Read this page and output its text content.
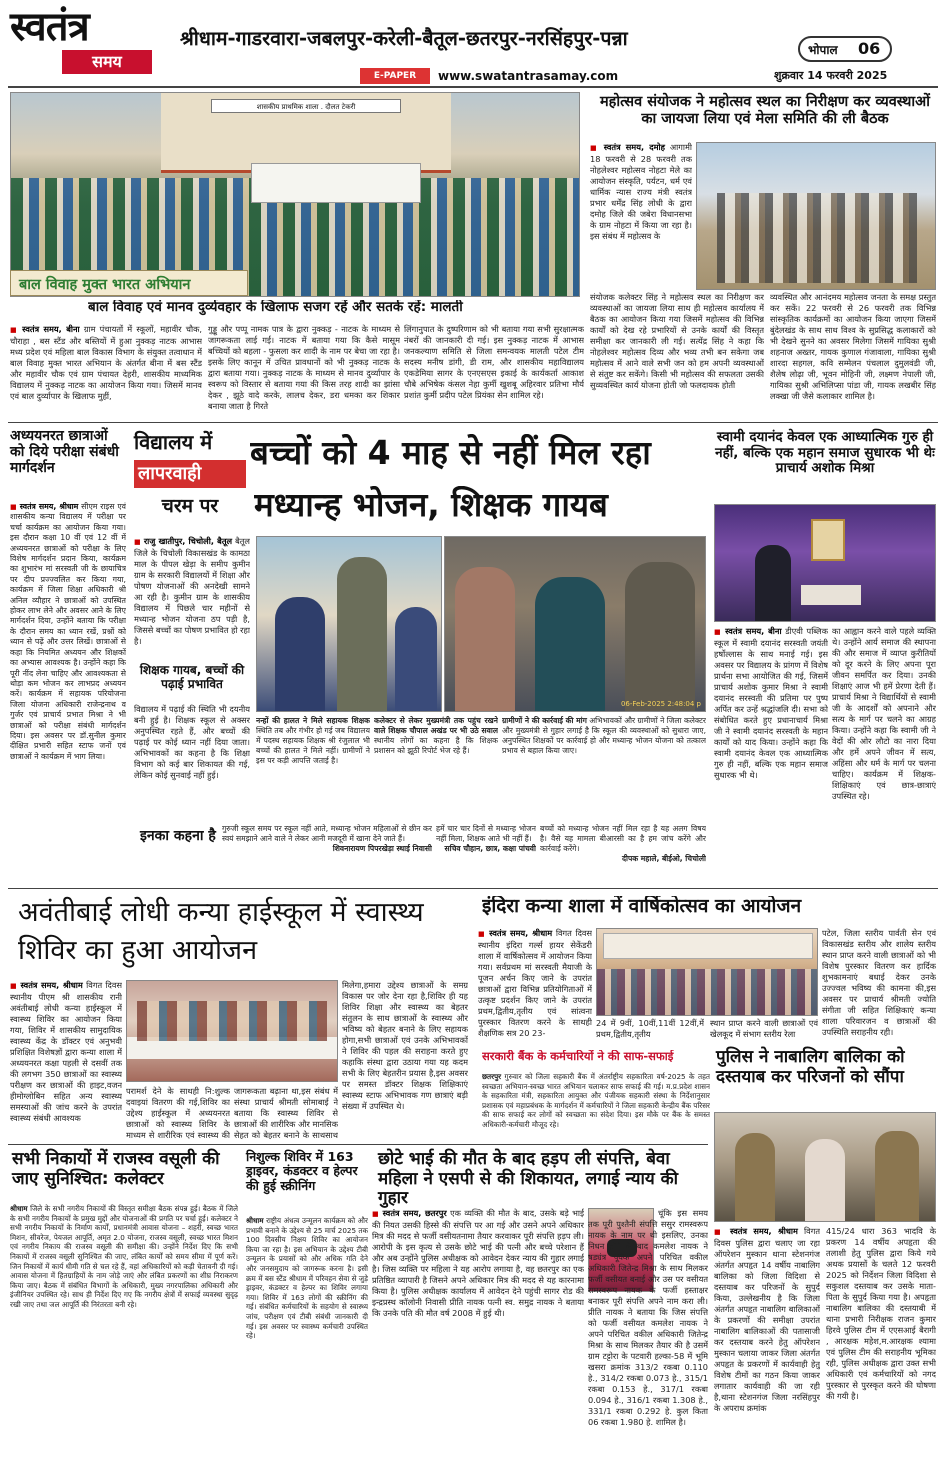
स्वतंत्र
समय
श्रीधाम-गाडरवारा-जबलपुर-करेली-बैतूल-छतरपुर-नरसिंहपुर-पन्ना	भोपाल 06
E-PAPER	www.swatantrasamay.com	शुक्रवार 14 फरवरी 2025
शासकीय प्राथमिक शाला . दौलत टेकरी
बाल विवाह मुक्त भारत अभियान
बाल विवाह एवं मानव दुर्व्यवहार के खिलाफ सजग रहें और सतर्क रहें: मालती
■ स्वतंत्र समय, बीना ग्राम पंचायतों में स्कूलों, महावीर चौक, चौराहा , बस स्टैंड और बस्तियों में हुआ नुक्कड़ नाटक आभास मध्य प्रदेश एवं महिला बाल विकास विभाग के संयुक्त तत्वाधान में बाल विवाह मुक्त भारत अभियान के अंतर्गत बीना में बस स्टैंड और महावीर चौक एवं ग्राम पंचायत देहरी, शासकीय माध्यमिक विद्यालय में नुक्कड़ नाटक का आयोजन किया गया। जिसमें मानव एवं बाल दुर्व्यापार के खिलाफ मुहीं,
गुड्डू और पप्पू नामक पात्र के द्वारा नुक्कड़ - नाटक के माध्यम से जागरूकता लाई गई। नाटक में बताया गया कि कैसे मासूम बच्चियों को बहला - फुसला कर शादी के नाम पर बेचा जा रहा है। इसके लिए कानून में उचित प्रावधानों को भी नुक्कड़ नाटक के द्वारा बताया गया। नुक्कड़ नाटक के माध्यम से मानव दुर्व्यापार के स्वरूप को विस्तार से बताया गया की किस तरह शादी का झांसा देकर , झूठे वादे करके, लालच देकर, डरा धमका कर शिकार बनाया जाता है गिरते
लिंगानुपात के दुष्परिणाम को भी बताया गया सभी सुरक्षात्मक नंबरों की जानकारी दी गई। इस नुक्कड़ नाटक में आभास जनकल्याण समिति से जिला समन्वयक मालती पटेल टीम सदस्य मनीष डांगी, डी राम, और शासकीय महाविद्यालय एकडेमिया सागर के एनएसएस इकाई के कार्यकर्ता आकाश चौबे अभिषेक कंसल नेहा कुर्मी खुशबू अहिरवार प्रतिभा मौर्य प्रशांत कुर्मी प्रदीप पटेल प्रियंका सेन शामिल रहे।
महोत्सव संयोजक ने महोत्सव स्थल का निरीक्षण कर व्यवस्थाओं का जायजा लिया एवं मेला समिति की ली बैठक
■ स्वतंत्र समय, दमोह आगामी 18 फरवरी से 28 फरवरी तक नोहलेश्वर महोत्सव नोहटा मेले का आयोजन संस्कृति, पर्यटन, धर्म एवं धार्मिक न्यास राज्य मंत्री स्वतंत्र प्रभार धर्मेंद्र सिंह लोधी के द्वारा दमोह जिले की जबेरा विधानसभा के ग्राम नोहटा में किया जा रहा है। इस संबंध में महोत्सव के
संयोजक कलेक्टर सिंह ने महोत्सव स्थल का निरीक्षण कर व्यवस्थाओं का जायजा लिया साथ ही महोत्सव कार्यालय में बैठक का आयोजन किया गया जिसमें महोत्सव की विभिन्न कार्यों को देख रहे प्रभारियों से उनके कार्यों की विस्तृत समीक्षा कर जानकारी ली गई। सत्येंद्र सिंह ने कहा कि नोहलेश्वर महोत्सव दिव्य और भव्य तभी बन सकेगा जब महोत्सव में आने वाले सभी जन को हम अपनी व्यवस्थाओं से संतुष्ट कर सकेंगे। किसी भी महोत्सव की सफलता उसकी सुव्यवस्थित कार्य योजना होती जो फलदायक होती
व्यवस्थित और आनंदमय महोत्सव जनता के समक्ष प्रस्तुत कर सकें। 22 फरवरी से 26 फरवरी तक विभिन्न सांस्कृतिक कार्यक्रमों का आयोजन किया जाएगा जिसमें बुंदेलखंड के साथ साथ विश्व के सुप्रसिद्ध कलाकारों को भी देखने सुनने का अवसर मिलेगा जिसमें गायिका सुश्री शहनाज अख्तर, गायक कुणाल गंजावाला, गायिका सुश्री शारदा सहगल, कवि सम्मेलन पंचलाल दुमुलवंडी जी, शैलेष लोढ़ा जी, भूवन मोहिनी जी, लक्ष्मण नेपाली जी, गायिका सुश्री अभिलिप्सा पांडा जी, गायक लखबीर सिंह लक्खा जी जैसे कलाकार शामिल है।
अध्ययनरत छात्राओं को दिये परीक्षा संबंधी मार्गदर्शन
■ स्वतंत्र समय, श्रीधाम सीएम राइस एवं शासकीय कन्या विद्यालय में परीक्षा पर चर्चा कार्यक्रम का आयोजन किया गया। इस दौरान कक्षा 10 वीं एवं 12 वीं में अध्ययनरत छात्राओं को परीक्षा के लिए विशेष मार्गदर्शन प्रदान किया, कार्यक्रम का शुभारंभ मां सरस्वती जी के छायाचित्र पर दीप प्रज्ज्वलित कर किया गया, कार्यक्रम में जिला शिक्षा अधिकारी श्री अनिल व्यौहार ने छात्राओं को उपस्थित होकर लाभ लेने और अवसर आने के लिए मार्गदर्शन दिया, उन्होंने बताया कि परीक्षा के दौरान समय का ध्यान रखें, प्रश्नों को ध्यान से पढ़ें और उत्तर लिखें। छात्राओं से कहा कि नियमित अध्ययन और शिक्षकों का अभ्यास आवश्यक है। उन्होंने कहा कि पूरी नींद लेना चाहिए और आवश्यकता से थोड़ा कम भोजन कर लाभप्रद अध्ययन करें। कार्यक्रम में सहायक परियोजना जिला योजना अधिकारी राजेन्द्रनाथ व गुर्जर एवं प्राचार्य प्रभात मिश्रा ने भी छात्राओं को परीक्षा संबंधी मार्गदर्शन दिया। इस अवसर पर डॉ.सुनील कुमार दीक्षित प्रभारी सहित स्टाफ जनों एवं छात्राओं ने कार्यक्रम में भाग लिया।
विद्यालय में
लापरवाही
चरम पर
बच्चों को 4 माह से नहीं मिल रहा
मध्यान्ह भोजन, शिक्षक गायब
■ राजु खातीपुर, चिचोली, बैतूल बैतूल जिले के चिचोली विकासखंड के कामठा माल के पीपल खेड़ा के समीप कुमीन ग्राम के सरकारी विद्यालयों में शिक्षा और पोषण योजनाओं की अनदेखी सामने आ रही है। कुमीन ग्राम के शासकीय विद्यालय में पिछले चार महीनों से मध्यान्ह भोजन योजना ठप पड़ी है, जिससे बच्चों का पोषण प्रभावित हो रहा है।
शिक्षक गायब, बच्चों की पढ़ाई प्रभावित
06-Feb-2025 2:48:04 p
विद्यालय में पढ़ाई की स्थिति भी दयनीय बनी हुई है। शिक्षक स्कूल से अक्सर अनुपस्थित रहते हैं, और बच्चों की पढ़ाई पर कोई ध्यान नहीं दिया जाता। अभिभावकों का कहना है कि शिक्षा विभाग को कई बार शिकायत की गई, लेकिन कोई सुनवाई नहीं हुई।
नन्हों की हालत ने मिले सहायक शिक्षक स्थिति तब और गंभीर हो गई जब विद्यालय में पदस्थ सहायक शिक्षक श्री रंजुलाल भी बच्चों की हालत ने मिले नहीं। ग्रामीणों ने इस पर कड़ी आपत्ति जताई है।
कलेक्टर से लेकर मुख्यमंत्री तक पहुंच रखने वाले शिक्षक चौपाल अखंड पर भी उठे सवाल स्थानीय लोगों का कहना है कि शिक्षक प्रशासन को झूठी रिपोर्ट भेज रहे हैं।
ग्रामीणों ने की कार्रवाई की मांग अभिभावकों और ग्रामीणों ने जिला कलेक्टर और मुख्यमंत्री से गुहार लगाई है कि स्कूल की व्यवस्थाओं को सुधारा जाए, अनुपस्थित शिक्षकों पर कार्रवाई हो और मध्यान्ह भोजन योजना को तत्काल प्रभाव से बहाल किया जाए।
इनका कहना है गुरुजी स्कूल समय पर स्कूल नहीं आते, मध्यान्ह भोजन महिलाओं से छीन कर स्वयं समझाने आने वाले ने लेकर आनी मजदूरी में खाना देने जाते हैं।
शिवनारायण पिपरखेड़ा स्थाई निवासी
हमें चार चार दिनों से मध्यान्ह भोजन नहीं मिला, शिक्षक आते भी नहीं हैं।
सचिव चौहान, छात्र, कक्षा पांचवी
बच्चों को मध्यान्ह भोजन नहीं मिल रहा है यह अलग विषय है। वैसे यह मामला बीआरसी का है हम जांच करेंगे और कार्रवाई करेंगे।
दीपक महाले, बीईओ, चिचोली
स्वामी दयानंद केवल एक आध्यात्मिक गुरु ही नहीं, बल्कि एक महान समाज सुधारक भी थेः प्राचार्य अशोक मिश्रा
■ स्वतंत्र समय, बीना डीएवी पब्लिक स्कूल में स्वामी दयानंद सरस्वती जयंती हर्षोल्लास के साथ मनाई गई। इस अवसर पर विद्यालय के प्रांगण में विशेष प्रार्थना सभा आयोजित की गई, जिसमें प्राचार्य अशोक कुमार मिश्रा ने स्वामी दयानंद सरस्वती की प्रतिमा पर पुष्प अर्पित कर उन्हें श्रद्धांजलि दी। सभा को संबोधित करते हुए प्रधानाचार्य मिश्रा जी ने स्वामी दयानंद सरस्वती के महान कार्यों को याद किया। उन्होंने कहा कि स्वामी दयानंद केवल एक आध्यात्मिक गुरु ही नहीं, बल्कि एक महान समाज सुधारक भी थे।
का आह्वान करने वाले पहले व्यक्ति थे। उन्होंने आर्य समाज की स्थापना की और समाज में व्याप्त कुरीतियों को दूर करने के लिए अपना पूरा जीवन समर्पित कर दिया। उनकी शिक्षाएं आज भी हमें प्रेरणा देती हैं। प्राचार्य मिश्रा ने विद्यार्थियों से स्वामी जी के आदर्शों को अपनाने और सत्य के मार्ग पर चलने का आग्रह किया। उन्होंने कहा कि स्वामी जी ने वेदों की ओर लौटो का नारा दिया और हमें अपने जीवन में सत्य, अहिंसा और धर्म के मार्ग पर चलना चाहिए। कार्यक्रम में शिक्षक-शिक्षिकाएं एवं छात्र-छात्राएं उपस्थित रहे।
अवंतीबाई लोधी कन्या हाईस्कूल में स्वास्थ्य शिविर का हुआ आयोजन
■ स्वतंत्र समय, श्रीधाम विगत दिवस स्थानीय पीएम श्री शासकीय रानी अवंतीबाई लोधी कन्या हाईस्कूल में स्वास्थ्य शिविर का आयोजन किया गया, शिविर में शासकीय सामुदायिक स्वास्थ्य केंद्र के डॉक्टर एवं अनुभवी प्रशिक्षित विशेषज्ञों द्वारा कन्या शाला में अध्ययनरत कक्षा पहली से दसवीं तक की लगभग 350 छात्राओं का स्वास्थ्य परीक्षण कर छात्राओं की हाइट,वजन हीमोग्लोबिन सहित अन्य स्वास्थ्य समस्याओं की जांच करने के उपरांत स्वास्थ्य संबंधी आवश्यक
परामर्श देने के साथही नि:शुल्क दवाइयां वितरण की गई,शिविर का उद्देश्य हाईस्कूल में अध्ययनरत छात्राओं को स्वास्थ्य शिविर के माध्यम से शारीरिक एवं स्वास्थ्य की
जागरूकता बढ़ाना था,इस संबंध में संस्था प्राचार्य श्रीमती सोमाबाई ने बताया कि स्वास्थ्य शिविर से छात्राओं की शारीरिक और मानसिक सेहत को बेहतर बनाने के साथसाथ
मिलेगा,हमारा उद्देश्य छात्राओं के समग्र विकास पर जोर देना रहा है,शिविर ही यह शिविर शिक्षा और स्वास्थ्य का बेहतर संतुलन के साथ छात्राओं के स्वास्थ्य और भविष्य को बेहतर बनाने के लिए सहायक होगा,सभी छात्राओं एवं उनके अभिभावकों ने शिविर की पहल की सराहना करते हुए कहाकि संस्था द्वारा उठाया गया यह कदम सभी के लिए बेहतरीन प्रयास है,इस अवसर पर समस्त डॉक्टर शिक्षक शिक्षिकाएं स्वास्थ्य स्टाफ अभिभावक गण छात्राएं बड़ी संख्या में उपस्थित थे।
इंदिरा कन्या शाला में वार्षिकोत्सव का आयोजन
■ स्वतंत्र समय, श्रीधाम विगत दिवस स्थानीय इंदिरा गर्ल्स हायर सेकेंडरी शाला में वार्षिकोत्सव में आयोजन किया गया। सर्वप्रथम मां सरस्वती मैयाजी के पूजन अर्चन किए जाने के उपरांत छात्राओं द्वारा विभिन्न प्रतियोगिताओं में उत्कृष्ट प्रदर्शन किए जाने के उपरांत प्रथम,द्वितीय,तृतीय एवं सांत्वना पुरस्कार वितरण करने के साथही शैक्षणिक सत्र 20 23-
24 में 9वीं, 10वीं,11वीं 12वीं,में प्रथम,द्वितीय,तृतीय
स्थान प्राप्त करने वाली छात्राओं एवं खेलकूद में संभाग स्तरीय रेला
पटेल, जिला स्तरीय पार्वती सेन एवं विकासखंड स्तरीय और शालेय स्तरीय स्थान प्राप्त करने वाली छात्राओं को भी विशेष पुरस्कार वितरण कर हार्दिक शुभकामनाएं बधाई देकर उनके उज्ज्वल भविष्य की कामना की,इस अवसर पर प्राचार्य श्रीमती ज्योति संगीता जी सहित शिक्षिकाएं कन्या शाला परिवारजन व छात्राओं की उपस्थिति सराहनीय रही।
सरकारी बैंक के कर्मचारियों ने की साफ-सफाई
छतरपुर गुरुवार को जिला सहकारी बैंक में अंतर्राष्ट्रीय सहकारिता वर्ष-2025 के तहत स्वच्छता अभियान-स्वच्छ भारत अभियान चलाकर साफ सफाई की गई। म.प्र.प्रदेश शासन के सहकारिता मंत्री, सहकारिता आयुक्त और पंजीयक सहकारी संस्था के निर्देशानुसार प्रशासक एवं महाप्रबंधक के मार्गदर्शन में कर्मचारियों ने जिला सहकारी केन्द्रीय बैंक परिसर की साफ सफाई कर लोगों को स्वच्छता का संदेश दिया। इस मौके पर बैंक के समस्त अधिकारी-कर्मचारी मौजूद रहे।
पुलिस ने नाबालिग बालिका को दस्तयाब कर परिजनों को सौंपा
■ स्वतंत्र समय, श्रीधाम विगत दिवस पुलिस द्वारा चलाए जा रहा ऑपरेशन मुस्कान थाना स्टेशनगंज अंतर्गत अपहृत 14 वर्षीय नाबालिग बालिका को जिला विदिशा से दस्तयाब कर परिजनों के सुपुर्द किया, उल्लेखनीय है कि जिला अंतर्गत अपहृत नाबालिग बालिकाओं के प्रकरणों की समीक्षा उपरांत नाबालिग बालिकाओं की पतासाजी कर दस्तयाब करने हेतु ऑपरेशन मुस्कान चलाया जाकर जिला अंतर्गत अपहृत के प्रकरणों में कार्यवाही हेतु विशेष टीमों का गठन किया जाकर लगातार कार्यवाही की जा रही है,थाना स्टेशनगंज जिला नरसिंहपुर के अपराध क्रमांक
415/24 धारा 363 भादवि के प्रकरण 14 वर्षीय अपहृता की तलाशी हेतु पुलिस द्वारा किये गये अथक प्रयासों के चलते 12 फरवरी 2025 को निर्देशन जिला विदिशा से सकुशल दस्तयाब कर उसके माता-पिता के सुपुर्द किया गया है। अपहृता नाबालिग बालिका की दस्तयाबी में थाना प्रभारी निरीक्षक राजन कुमार हिरवे पुलिस टीम में एएसआई बैरागी , आरक्षक महेश,म.आरक्षक श्यामा एवं पुलिस टीम की सराहनीय भूमिका रही, पुलिस अधीक्षक द्वारा उक्त सभी अधिकारी एवं कर्मचारियों को नगद पुरस्कार से पुरस्कृत करने की घोषणा की गयी है।
सभी निकायों में राजस्व वसूली की जाए सुनिश्चित: कलेक्टर
श्रीधाम जिले के सभी नगरीय निकायों की विस्तृत समीक्षा बैठक संपन्न हुई। बैठक में जिले के सभी नगरीय निकायों के प्रमुख मुद्दों और योजनाओं की प्रगति पर चर्चा हुई। कलेक्टर ने सभी नगरीय निकायों के निर्माण कार्यों, प्रधानमंत्री आवास योजना – शहरी, स्वच्छ भारत मिशन, सीवरेज, पेयजल आपूर्ति, अमृत 2.0 योजना, राजस्व वसूली, स्वच्छ भारत मिशन एवं नगरीय निकाय की राजस्व वसूली की समीक्षा की। उन्होंने निर्देश दिए कि सभी निकायों में राजस्व वसूली सुनिश्चित की जाए, लंबित कार्यों को समय सीमा में पूर्ण करें। जिन निकायों में कार्य धीमी गति से चल रहे हैं, वहां अधिकारियों को कड़ी चेतावनी दी गई। आवास योजना में हितग्राहियों के नाम जोड़े जाएं और लंबित प्रकरणों का शीघ्र निराकरण किया जाए। बैठक में संबंधित विभागों के अधिकारी, मुख्य नगरपालिका अधिकारी और इंजीनियर उपस्थित रहे। साथ ही निर्देश दिए गए कि नगरीय क्षेत्रों में सफाई व्यवस्था सुदृढ़ रखी जाए तथा जल आपूर्ति की निरंतरता बनी रहे।
निशुल्क शिविर में 163 ड्राइवर, कंडक्टर व हेल्पर की हुई स्क्रीनिंग
श्रीधाम राष्ट्रीय अंधत्व उन्मूलन कार्यक्रम को और प्रभावी बनाने के उद्देश्य से 25 मार्च 2025 तक 100 दिवसीय निक्षय शिविर का आयोजन किया जा रहा है। इस अभियान के उद्देश्य टीबी उन्मूलन के प्रयासों को और अधिक गति देने और जनसमुदाय को जागरूक करना है। इसी क्रम में बस स्टैंड श्रीधाम में परिवहन सेवा से जुड़े ड्राइवर, कंडक्टर व हेल्पर का शिविर लगाया गया। शिविर में 163 लोगों की स्क्रीनिंग की गई। संबंधित कर्मचारियों के सहयोग से स्वास्थ्य जांच, परीक्षण एवं टीबी संबंधी जानकारी दी गई। इस अवसर पर स्वास्थ्य कर्मचारी उपस्थित रहे।
छोटे भाई की मौत के बाद हड़प ली संपत्ति, बेवा महिला ने एसपी से की शिकायत, लगाई न्याय की गुहार
■ स्वतंत्र समय, छतरपुर एक व्यक्ति की मौत के बाद, उसके बड़े भाई की नियत उसकी हिस्से की संपत्ति पर आ गई और उसने अपने अधिकार मित्र की मदद से फर्जी वसीयतनामा तैयार करवाकर पूरी संपत्ति हड़प ली। आरोपी के इस कृत्य से उसके छोटे भाई की पत्नी और बच्चे परेशान हैं और अब उन्होंने पुलिस अधीक्षक को आवेदन देकर न्याय की गुहार लगाई है। जिस व्यक्ति पर महिला ने यह आरोप लगाया है, वह छतरपुर का एक प्रतिष्ठित व्यापारी है जिसने अपने अधिकार मित्र की मदद से यह कारनामा किया है। पुलिस अधीक्षक कार्यालय में आवेदन देने पहुंची सागर रोड की इन्द्रप्रस्थ कॉलोनी निवासी प्रीति नायक पत्नी स्व. समुद्र नायक ने बताया कि उनके पति की मौत वर्ष 2008 में हुई थी।
चूंकि इस समय तक पूरी पुश्तैनी संपत्ति ससुर रामस्वरूप नायक के नाम पर थी इसलिए, उनका निधन होने के बाद कमलेश नायक ने षड्यंत्र पूर्वक अपने परिचित वकील अधिकारी जितेन्द्र मिश्रा के साथ मिलकर फर्जी वसीयत बनाई और उस पर वसीयत रामस्वरूप नायक के फर्जी हस्ताक्षर बनाकर पूरी संपत्ति अपने नाम करा ली। प्रीति नायक ने बताया कि जिस संपत्ति को फर्जी वसीयत कमलेश नायक ने अपने परिचित वकील अधिकारी जितेन्द्र मिश्रा के साथ मिलकर तैयार की है उसमें ग्राम टट्टोरा के पटवारी हल्का-58 में भूमि खसरा क्रमांक 313/2 रकबा 0.110 हे., 314/2 रकबा 0.073 हे., 315/1 रकबा 0.153 हे., 317/1 रकबा 0.094 हे., 316/1 रकबा 1.308 हे., 331/1 रकबा 0.292 हे. कुल किता 06 रकबा 1.980 हे. शामिल है।
